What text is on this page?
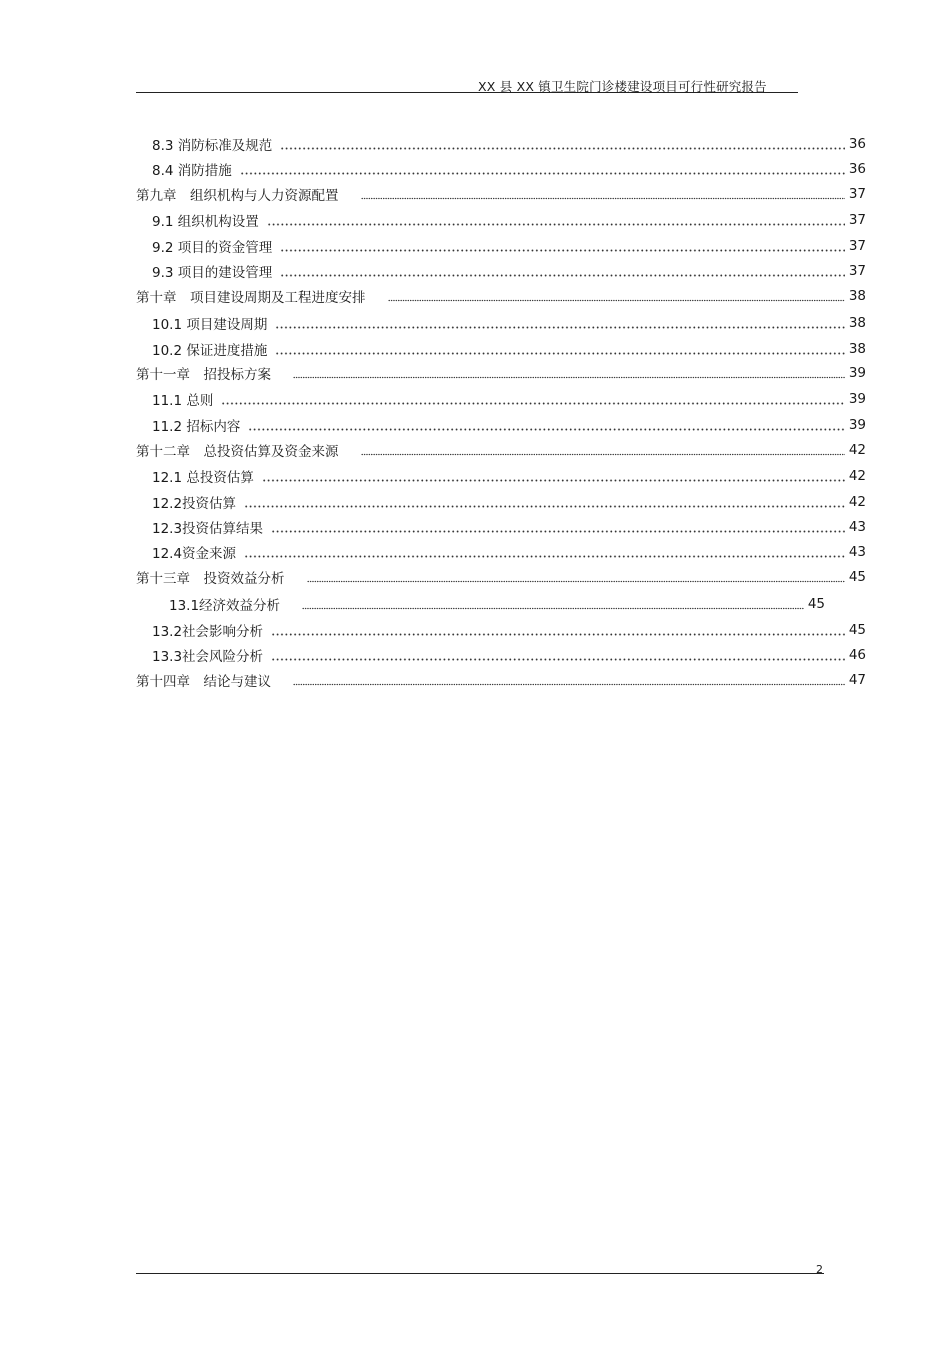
XX 县 XX 镇卫生院门诊楼建设项目可行性研究报告
8.3 消防标准及规范	36
8.4 消防措施	36
第九章　组织机构与人力资源配置	37
9.1 组织机构设置	37
9.2 项目的资金管理	37
9.3 项目的建设管理	37
第十章　项目建设周期及工程进度安排	38
10.1 项目建设周期	38
10.2 保证进度措施	38
第十一章　招投标方案	39
11.1 总则	39
11.2 招标内容	39
第十二章　总投资估算及资金来源	42
12.1 总投资估算	42
12.2投资估算	42
12.3投资估算结果	43
12.4资金来源	43
第十三章　投资效益分析	45
13.1经济效益分析	45
13.2社会影响分析	45
13.3社会风险分析	46
第十四章　结论与建议	47
2
